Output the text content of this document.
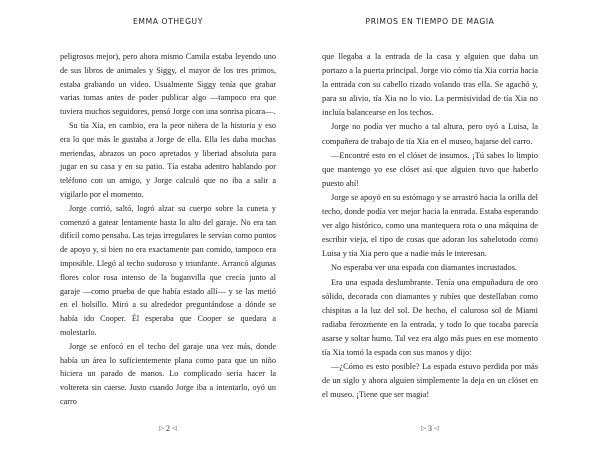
EMMA OTHEGUY

peligrosos mejor), pero ahora mismo Camila estaba leyendo uno de sus libros de animales y Siggy, el mayor de los tres primos, estaba grabando un video. Usualmente Siggy tenía que grabar varias tomas antes de poder publicar algo —tampoco era que tuviera muchos seguidores, pensó Jorge con una sonrisa pícara—.

Su tía Xia, en cambio, era la peor niñera de la historia y eso era lo que más le gustaba a Jorge de ella. Ella les daba muchas meriendas, abrazos un poco apretados y libertad absoluta para jugar en su casa y en su patio. Tía estaba adentro hablando por teléfono con un amigo, y Jorge calculó que no iba a salir a vigilarlo por el momento.

Jorge corrió, saltó, logró alzar su cuerpo sobre la cuneta y comenzó a gatear lentamente hasta lo alto del garaje. No era tan difícil como pensaba. Las tejas irregulares le servían como puntos de apoyo y, si bien no era exactamente pan comido, tampoco era imposible. Llegó al techo sudoroso y triunfante. Arrancó algunas flores color rosa intenso de la buganvilla que crecía junto al garaje —como prueba de que había estado allí— y se las metió en el bolsillo. Miró a su alrededor preguntándose a dónde se había ido Cooper. Él esperaba que Cooper se quedara a molestarlo.

Jorge se enfocó en el techo del garaje una vez más, donde había un área lo suficientemente plana como para que un niño hiciera un parado de manos. Lo complicado sería hacer la voltereta sin caerse. Justo cuando Jorge iba a intentarlo, oyó un carro

▷ 2 ◁
PRIMOS EN TIEMPO DE MAGIA

que llegaba a la entrada de la casa y alguien que daba un portazo a la puerta principal. Jorge vio cómo tía Xia corría hacia la entrada con su cabello rizado volando tras ella. Se agachó y, para su alivio, tía Xia no lo vio. La permisividad de tía Xia no incluía balancearse en los techos.

Jorge no podía ver mucho a tal altura, pero oyó a Luisa, la compañera de trabajo de tía Xia en el museo, bajarse del carro.

—Encontré esto en el clóset de insumos. ¡Tú sabes lo limpio que mantengo yo ese clóset así que alguien tuvo que haberlo puesto ahí!

Jorge se apoyó en su estómago y se arrastró hacia la orilla del techo, donde podía ver mejor hacia la entrada. Estaba esperando ver algo histórico, como una mantequera rota o una máquina de escribir vieja, el tipo de cosas que adoran los sabelotodo como Luisa y tía Xia pero que a nadie más le interesan.

No esperaba ver una espada con diamantes incrustados.

Era una espada deslumbrante. Tenía una empuñadura de oro sólido, decorada con diamantes y rubíes que destellaban como chispitas a la luz del sol. De hecho, el caluroso sol de Miami radiaba ferozmente en la entrada, y todo lo que tocaba parecía asarse y soltar humo. Tal vez era algo más pues en ese momento tía Xia tomó la espada con sus manos y dijo:

—¿Cómo es esto posible? La espada estuvo perdida por más de un siglo y ahora alguien simplemente la deja en un clóset en el museo. ¡Tiene que ser magia!

▷ 3 ◁
